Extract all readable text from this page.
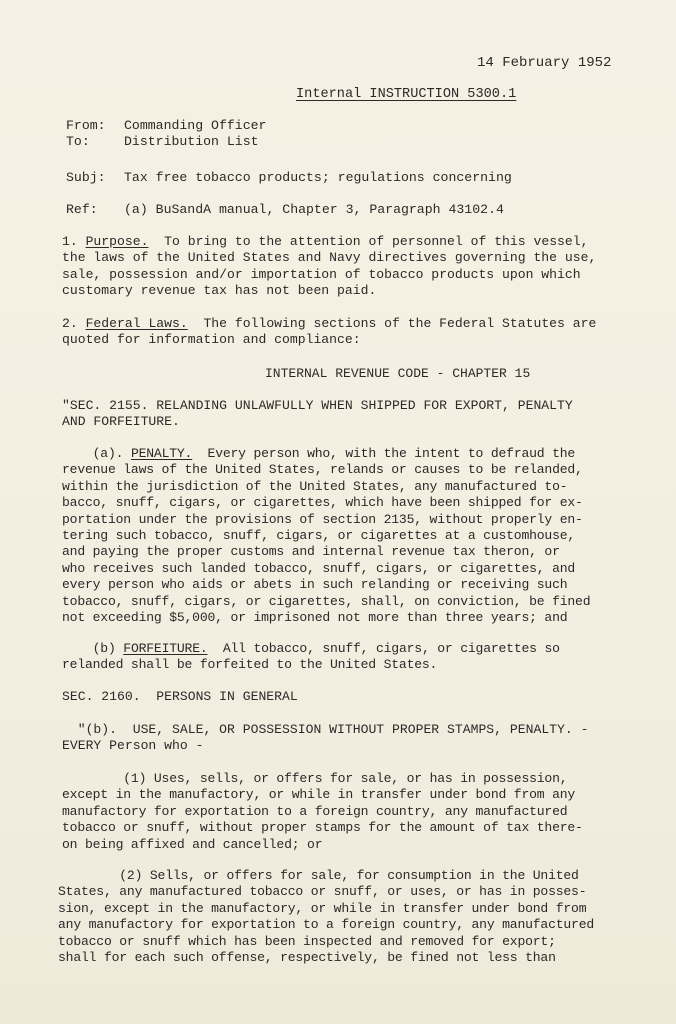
14 February 1952
Internal INSTRUCTION 5300.1
From: Commanding Officer
To:	Distribution List
Subj: Tax free tobacco products; regulations concerning
Ref: (a) BuSandA manual, Chapter 3, Paragraph 43102.4
1. Purpose. To bring to the attention of personnel of this vessel,
the laws of the United States and Navy directives governing the use,
sale, possession and/or importation of tobacco products upon which
customary revenue tax has not been paid.
2. Federal Laws. The following sections of the Federal Statutes are
quoted for information and compliance:
INTERNAL REVENUE CODE - CHAPTER 15
"SEC. 2155. RELANDING UNLAWFULLY WHEN SHIPPED FOR EXPORT, PENALTY
AND FORFEITURE.
(a). PENALTY. Every person who, with the intent to defraud the
revenue laws of the United States, relands or causes to be relanded,
within the jurisdiction of the United States, any manufactured to-
bacco, snuff, cigars, or cigarettes, which have been shipped for ex-
portation under the provisions of section 2135, without properly en-
tering such tobacco, snuff, cigars, or cigarettes at a customhouse,
and paying the proper customs and internal revenue tax theron, or
who receives such landed tobacco, snuff, cigars, or cigarettes, and
every person who aids or abets in such relanding or receiving such
tobacco, snuff, cigars, or cigarettes, shall, on conviction, be fined
not exceeding $5,000, or imprisoned not more than three years; and
(b) FORFEITURE. All tobacco, snuff, cigars, or cigarettes so
relanded shall be forfeited to the United States.
SEC. 2160.  PERSONS IN GENERAL
"(b).  USE, SALE, OR POSSESSION WITHOUT PROPER STAMPS, PENALTY. -
EVERY Person who -
(1) Uses, sells, or offers for sale, or has in possession,
except in the manufactory, or while in transfer under bond from any
manufactory for exportation to a foreign country, any manufactured
tobacco or snuff, without proper stamps for the amount of tax there-
on being affixed and cancelled; or
(2) Sells, or offers for sale, for consumption in the United
States, any manufactured tobacco or snuff, or uses, or has in posses-
sion, except in the manufactory, or while in transfer under bond from
any manufactory for exportation to a foreign country, any manufactured
tobacco or snuff which has been inspected and removed for export;
shall for each such offense, respectively, be fined not less than
